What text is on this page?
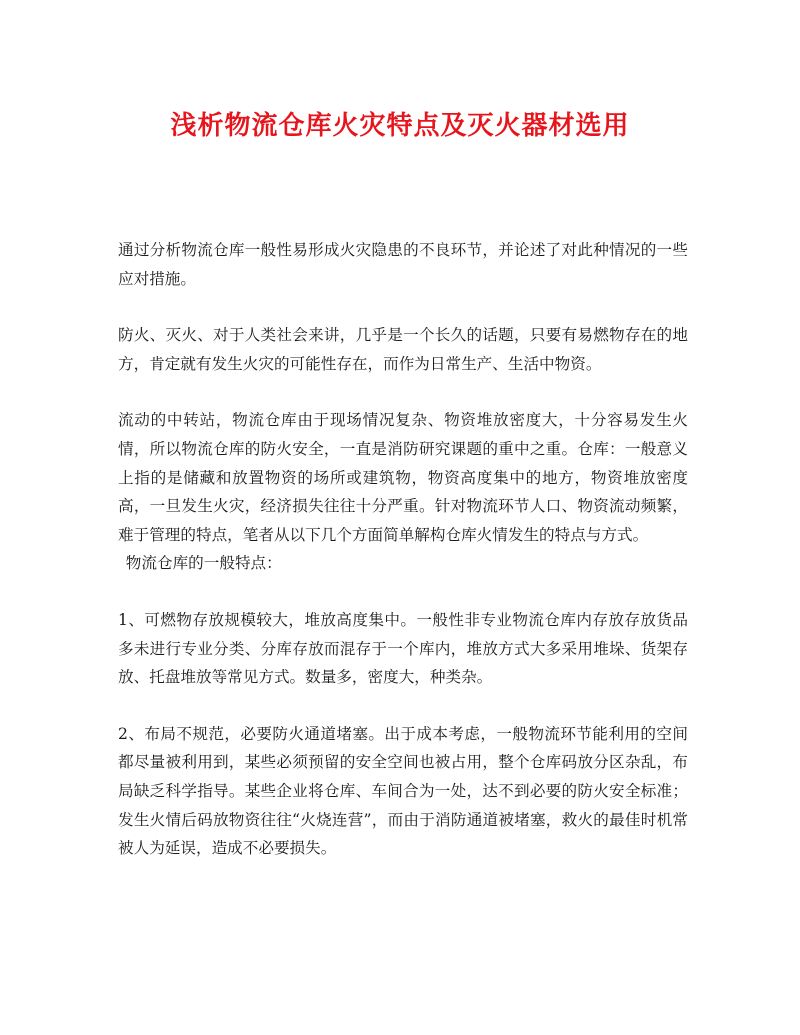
浅析物流仓库火灾特点及灭火器材选用

通过分析物流仓库一般性易形成火灾隐患的不良环节，并论述了对此种情况的一些应对措施。

防火、灭火、对于人类社会来讲，几乎是一个长久的话题，只要有易燃物存在的地方，肯定就有发生火灾的可能性存在，而作为日常生产、生活中物资。

流动的中转站，物流仓库由于现场情况复杂、物资堆放密度大，十分容易发生火情，所以物流仓库的防火安全，一直是消防研究课题的重中之重。仓库：一般意义上指的是储藏和放置物资的场所或建筑物，物资高度集中的地方，物资堆放密度高，一旦发生火灾，经济损失往往十分严重。针对物流环节人口、物资流动频繁，难于管理的特点，笔者从以下几个方面简单解构仓库火情发生的特点与方式。

物流仓库的一般特点：

1、可燃物存放规模较大，堆放高度集中。一般性非专业物流仓库内存放存放货品多未进行专业分类、分库存放而混存于一个库内，堆放方式大多采用堆垛、货架存放、托盘堆放等常见方式。数量多，密度大，种类杂。

2、布局不规范，必要防火通道堵塞。出于成本考虑，一般物流环节能利用的空间都尽量被利用到，某些必须预留的安全空间也被占用，整个仓库码放分区杂乱，布局缺乏科学指导。某些企业将仓库、车间合为一处，达不到必要的防火安全标准；发生火情后码放物资往往“火烧连营”，而由于消防通道被堵塞，救火的最佳时机常被人为延误，造成不必要损失。
